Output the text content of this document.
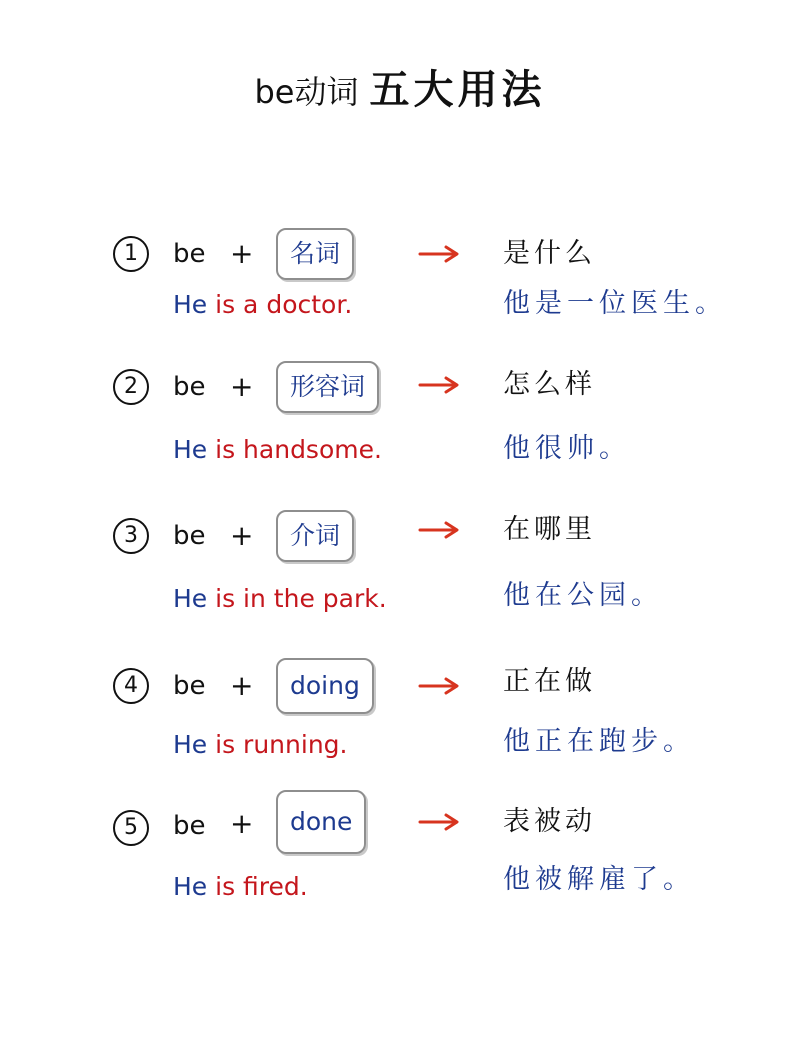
be动词 五大用法
1	be +	名词	是什么
He is a doctor.	他是一位医生。
2	be +	形容词	怎么样
He is handsome.	他很帅。
3	be +	介词	在哪里
He is in the park.	他在公园。
4	be +	doing	正在做
He is running.	他正在跑步。
5	be +	done	表被动
He is fired.	他被解雇了。
